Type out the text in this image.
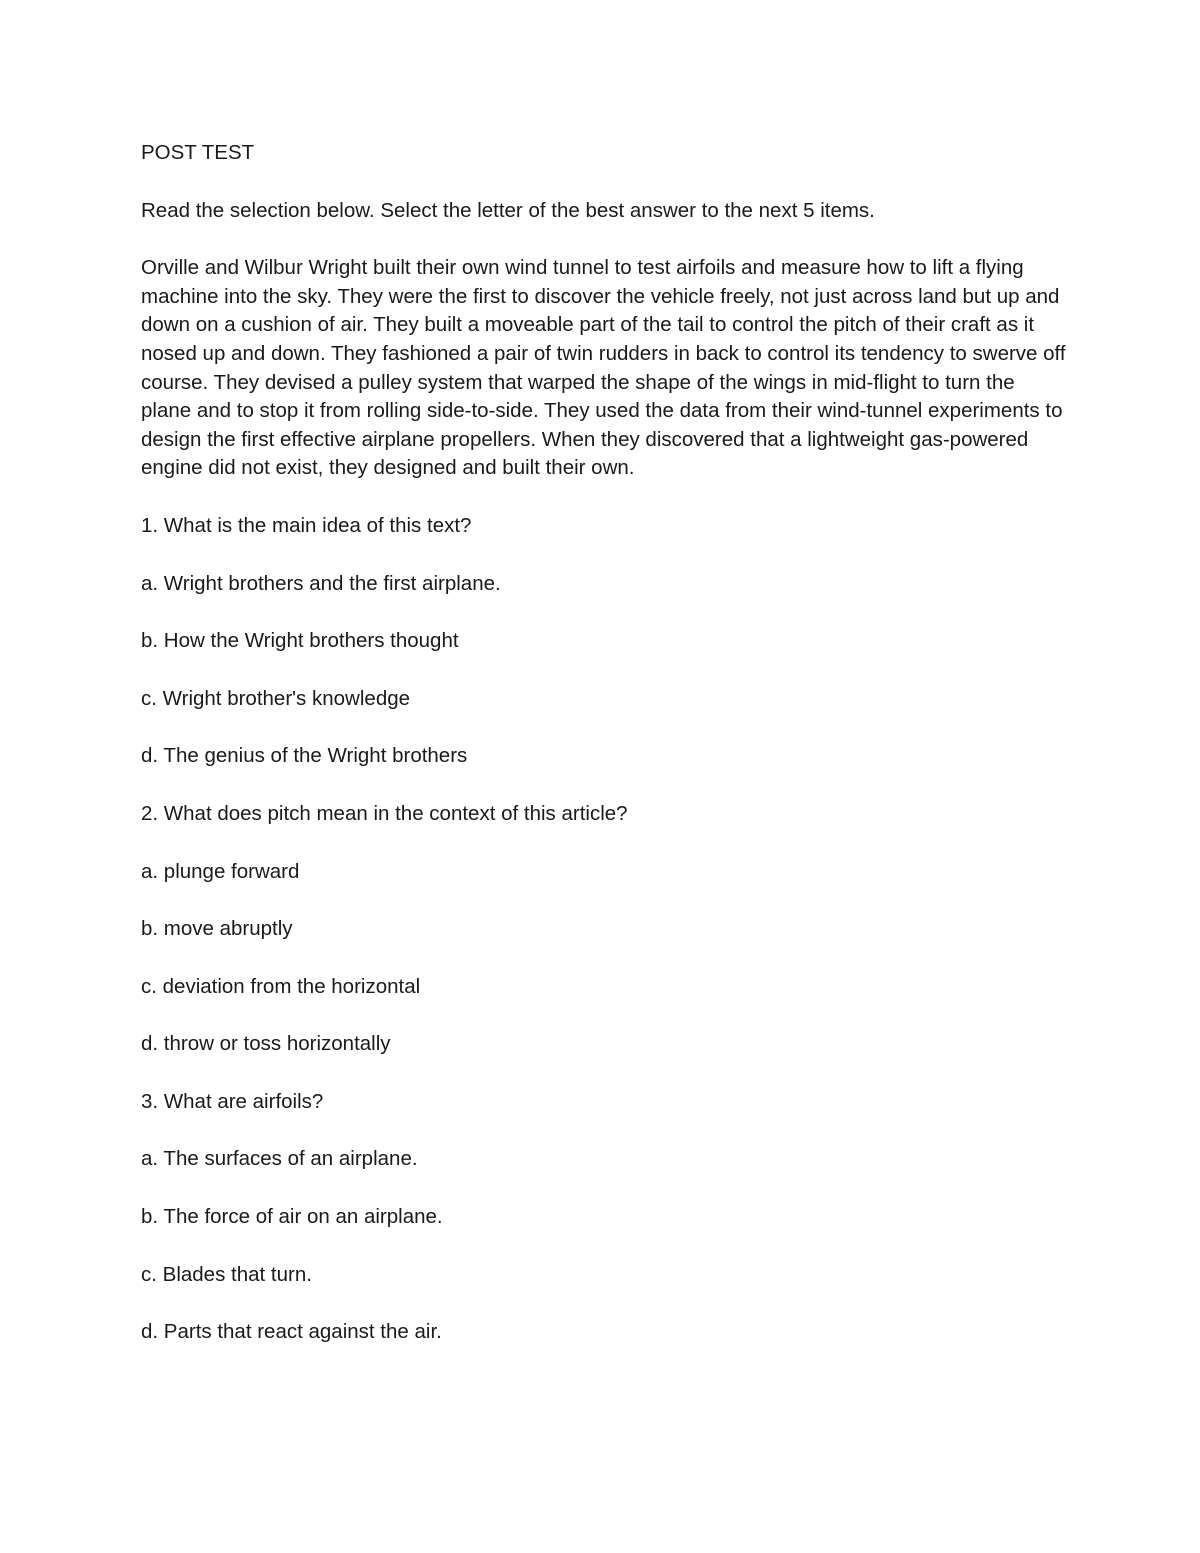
POST TEST

Read the selection below. Select the letter of the best answer to the next 5 items.

Orville and Wilbur Wright built their own wind tunnel to test airfoils and measure how to lift a flying machine into the sky. They were the first to discover the vehicle freely, not just across land but up and down on a cushion of air. They built a moveable part of the tail to control the pitch of their craft as it nosed up and down. They fashioned a pair of twin rudders in back to control its tendency to swerve off course. They devised a pulley system that warped the shape of the wings in mid-flight to turn the plane and to stop it from rolling side-to-side. They used the data from their wind-tunnel experiments to design the first effective airplane propellers. When they discovered that a lightweight gas-powered engine did not exist, they designed and built their own.

1. What is the main idea of this text?

a. Wright brothers and the first airplane.

b. How the Wright brothers thought

c. Wright brother's knowledge

d. The genius of the Wright brothers

2. What does pitch mean in the context of this article?

a. plunge forward

b. move abruptly

c. deviation from the horizontal

d. throw or toss horizontally

3. What are airfoils?

a. The surfaces of an airplane.

b. The force of air on an airplane.

c. Blades that turn.

d. Parts that react against the air.
